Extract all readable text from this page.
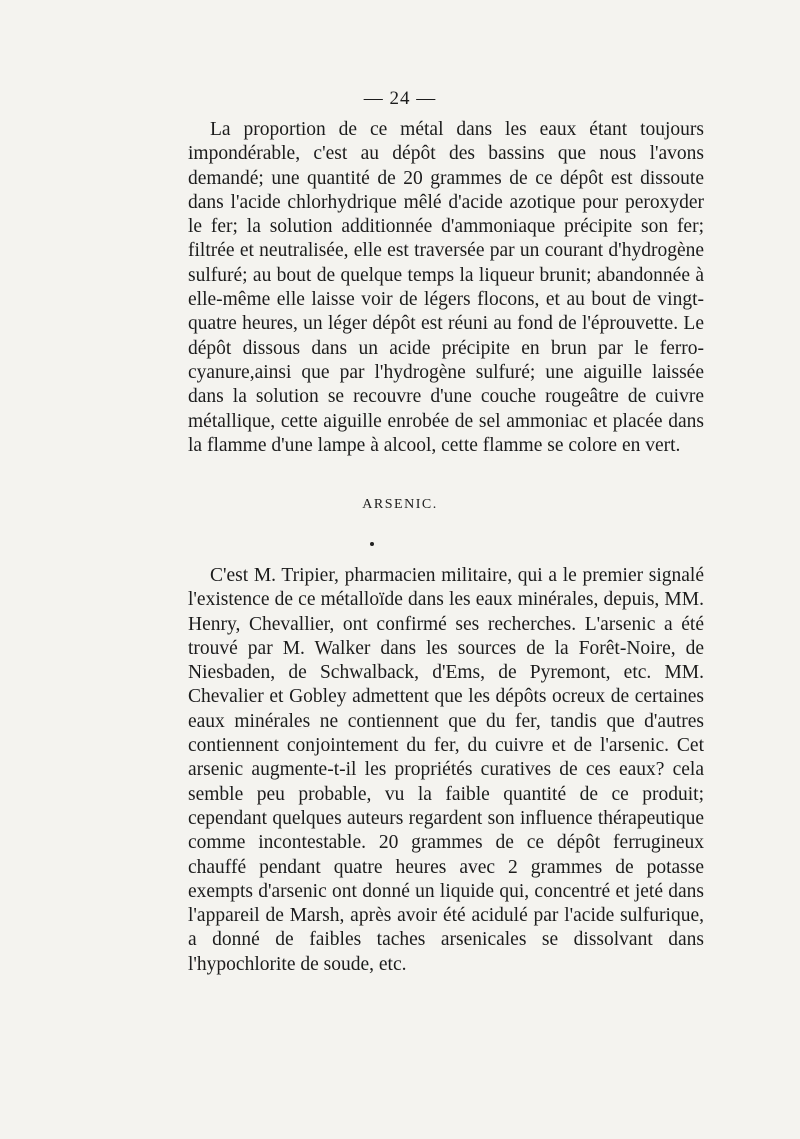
— 24 —

La proportion de ce métal dans les eaux étant toujours impondérable, c'est au dépôt des bassins que nous l'avons demandé; une quantité de 20 grammes de ce dépôt est dissoute dans l'acide chlorhydrique mêlé d'acide azotique pour peroxyder le fer; la solution additionnée d'ammoniaque précipite son fer; filtrée et neutralisée, elle est traversée par un courant d'hydrogène sulfuré; au bout de quelque temps la liqueur brunit; abandonnée à elle-même elle laisse voir de légers flocons, et au bout de vingt-quatre heures, un léger dépôt est réuni au fond de l'éprouvette. Le dépôt dissous dans un acide précipite en brun par le ferro-cyanure,ainsi que par l'hydrogène sulfuré; une aiguille laissée dans la solution se recouvre d'une couche rougeâtre de cuivre métallique, cette aiguille enrobée de sel ammoniac et placée dans la flamme d'une lampe à alcool, cette flamme se colore en vert.

ARSENIC.

C'est M. Tripier, pharmacien militaire, qui a le premier signalé l'existence de ce métalloïde dans les eaux minérales, depuis, MM. Henry, Chevallier, ont confirmé ses recherches. L'arsenic a été trouvé par M. Walker dans les sources de la Forêt-Noire, de Niesbaden, de Schwalback, d'Ems, de Pyremont, etc. MM. Chevalier et Gobley admettent que les dépôts ocreux de certaines eaux minérales ne contiennent que du fer, tandis que d'autres contiennent conjointement du fer, du cuivre et de l'arsenic. Cet arsenic augmente-t-il les propriétés curatives de ces eaux? cela semble peu probable, vu la faible quantité de ce produit; cependant quelques auteurs regardent son influence thérapeutique comme incontestable. 20 grammes de ce dépôt ferrugineux chauffé pendant quatre heures avec 2 grammes de potasse exempts d'arsenic ont donné un liquide qui, concentré et jeté dans l'appareil de Marsh, après avoir été acidulé par l'acide sulfurique, a donné de faibles taches arsenicales se dissolvant dans l'hypochlorite de soude, etc.
